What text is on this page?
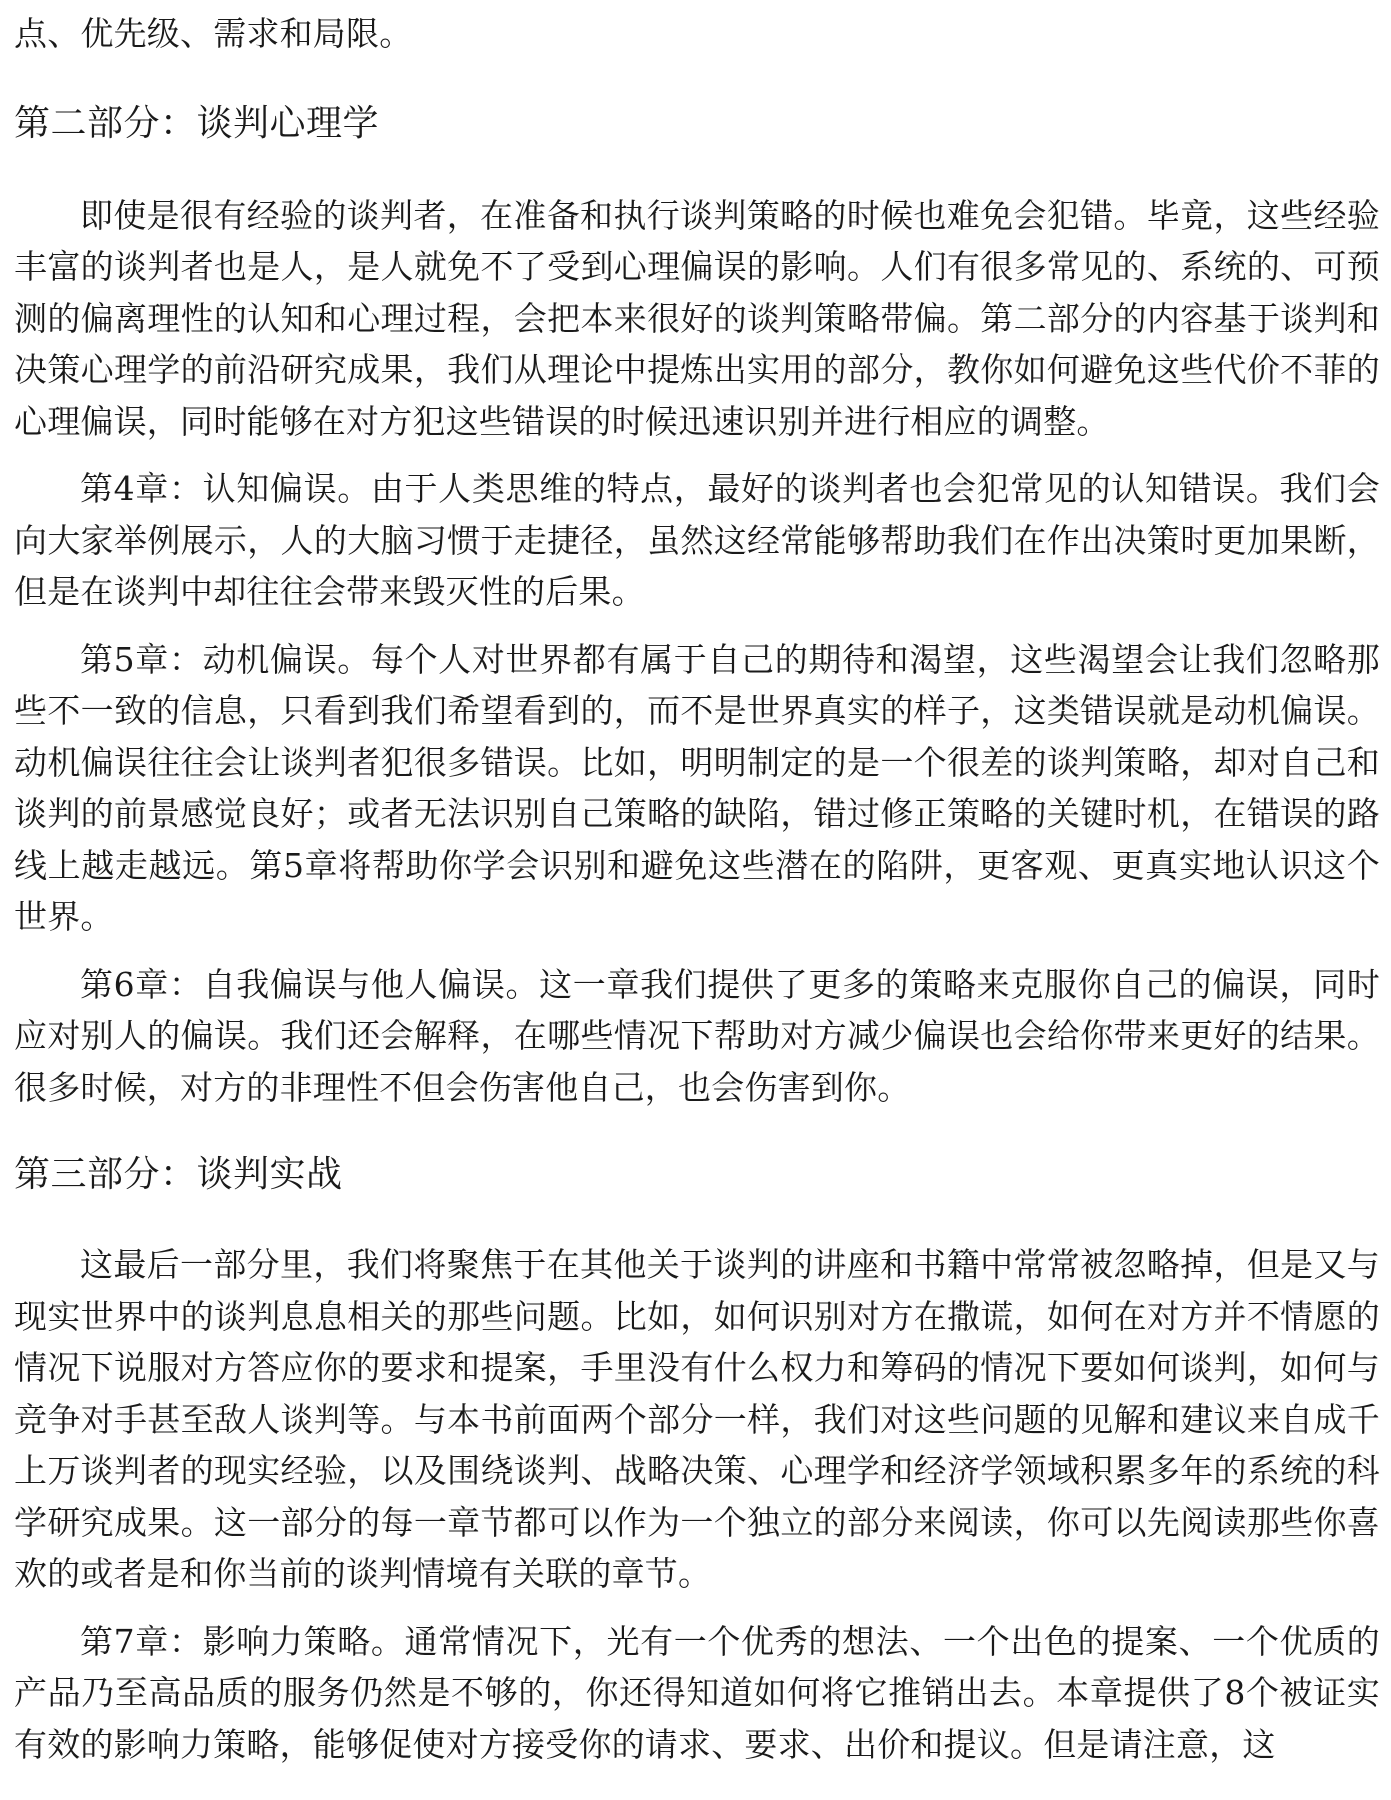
点、优先级、需求和局限。

第二部分：谈判心理学

即使是很有经验的谈判者，在准备和执行谈判策略的时候也难免会犯错。毕竟，这些经验丰富的谈判者也是人，是人就免不了受到心理偏误的影响。人们有很多常见的、系统的、可预测的偏离理性的认知和心理过程，会把本来很好的谈判策略带偏。第二部分的内容基于谈判和决策心理学的前沿研究成果，我们从理论中提炼出实用的部分，教你如何避免这些代价不菲的心理偏误，同时能够在对方犯这些错误的时候迅速识别并进行相应的调整。

第4章：认知偏误。由于人类思维的特点，最好的谈判者也会犯常见的认知错误。我们会向大家举例展示，人的大脑习惯于走捷径，虽然这经常能够帮助我们在作出决策时更加果断，但是在谈判中却往往会带来毁灭性的后果。

第5章：动机偏误。每个人对世界都有属于自己的期待和渴望，这些渴望会让我们忽略那些不一致的信息，只看到我们希望看到的，而不是世界真实的样子，这类错误就是动机偏误。动机偏误往往会让谈判者犯很多错误。比如，明明制定的是一个很差的谈判策略，却对自己和谈判的前景感觉良好；或者无法识别自己策略的缺陷，错过修正策略的关键时机，在错误的路线上越走越远。第5章将帮助你学会识别和避免这些潜在的陷阱，更客观、更真实地认识这个世界。

第6章：自我偏误与他人偏误。这一章我们提供了更多的策略来克服你自己的偏误，同时应对别人的偏误。我们还会解释，在哪些情况下帮助对方减少偏误也会给你带来更好的结果。很多时候，对方的非理性不但会伤害他自己，也会伤害到你。

第三部分：谈判实战

这最后一部分里，我们将聚焦于在其他关于谈判的讲座和书籍中常常被忽略掉，但是又与现实世界中的谈判息息相关的那些问题。比如，如何识别对方在撒谎，如何在对方并不情愿的情况下说服对方答应你的要求和提案，手里没有什么权力和筹码的情况下要如何谈判，如何与竞争对手甚至敌人谈判等。与本书前面两个部分一样，我们对这些问题的见解和建议来自成千上万谈判者的现实经验，以及围绕谈判、战略决策、心理学和经济学领域积累多年的系统的科学研究成果。这一部分的每一章节都可以作为一个独立的部分来阅读，你可以先阅读那些你喜欢的或者是和你当前的谈判情境有关联的章节。

第7章：影响力策略。通常情况下，光有一个优秀的想法、一个出色的提案、一个优质的产品乃至高品质的服务仍然是不够的，你还得知道如何将它推销出去。本章提供了8个被证实有效的影响力策略，能够促使对方接受你的请求、要求、出价和提议。但是请注意，这
